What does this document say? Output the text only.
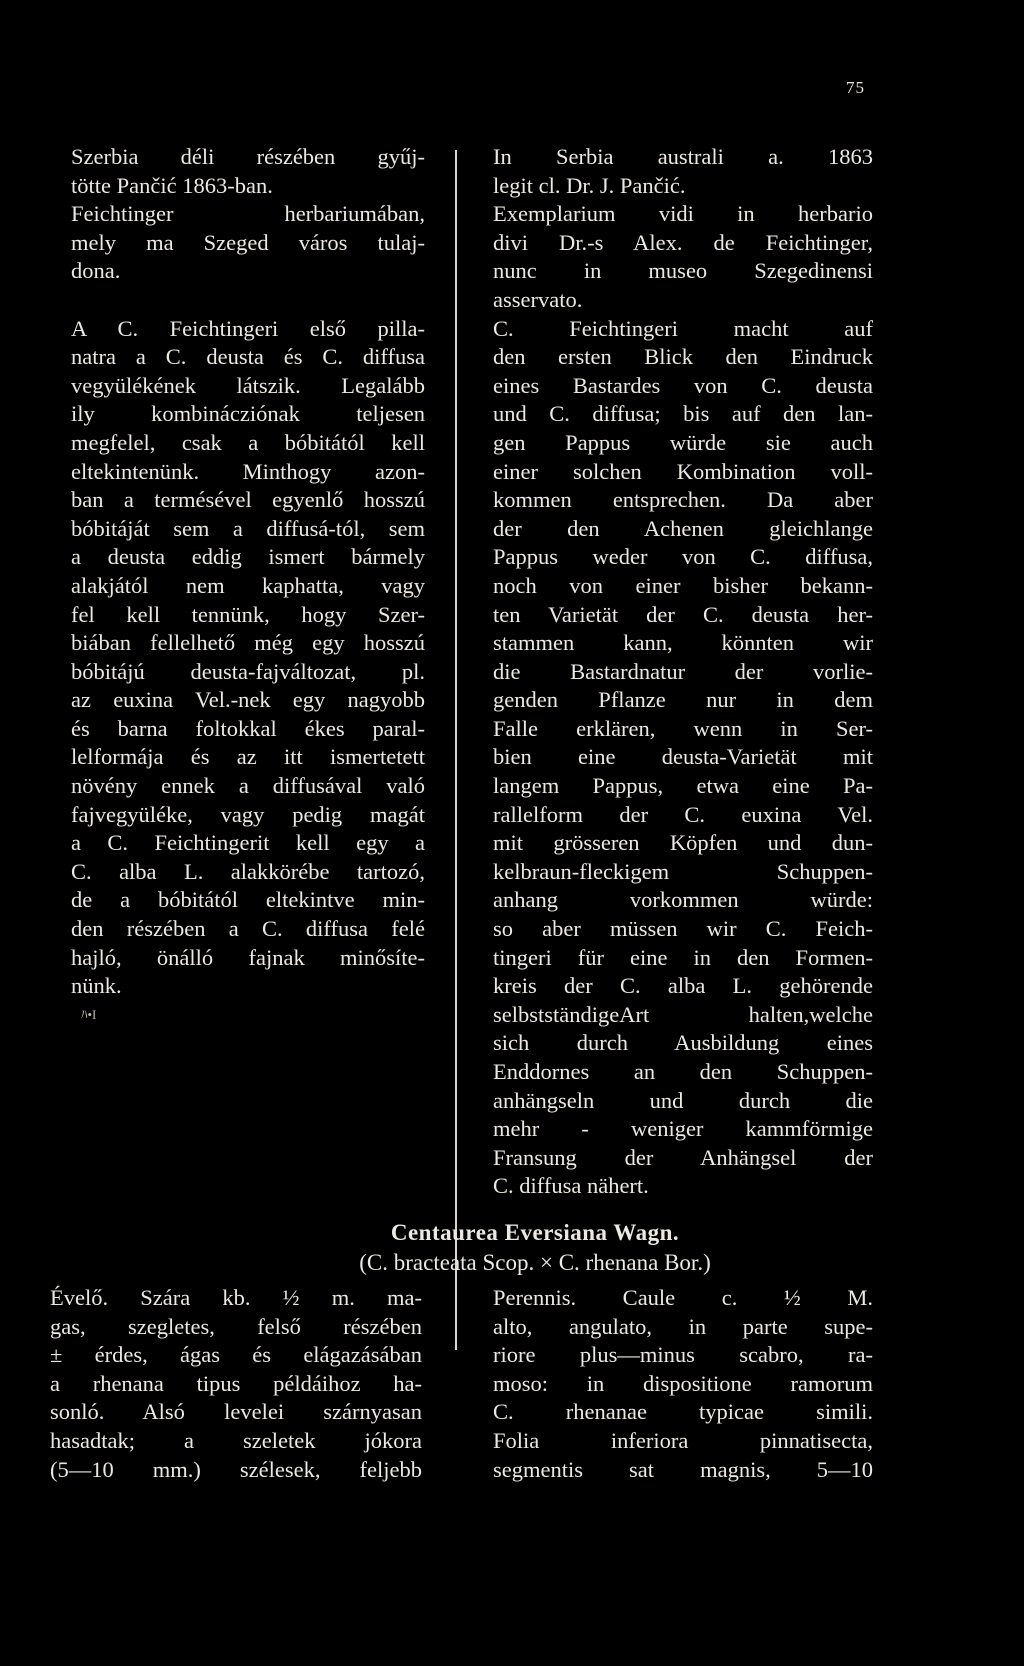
75
Szerbia déli részében gyűj-
tötte Pančić 1863-ban.
Feichtinger herbariumában,
mely ma Szeged város tulaj-
dona.
A C. Feichtingeri első pilla-
natra a C. deusta és C. diffusa
vegyülékének látszik. Legalább
ily kombinácziónak teljesen
megfelel, csak a bóbitától kell
eltekintenünk. Minthogy azon-
ban a termésével egyenlő hosszú
bóbitáját sem a diffusá-tól, sem
a deusta eddig ismert bármely
alakjától nem kaphatta, vagy
fel kell tennünk, hogy Szer-
biában fellelhető még egy hosszú
bóbitájú deusta-fajváltozat, pl.
az euxina Vel.-nek egy nagyobb
és barna foltokkal ékes paral-
lelformája és az itt ismertetett
növény ennek a diffusával való
fajvegyüléke, vagy pedig magát
a C. Feichtingerit kell egy a
C. alba L. alakkörébe tartozó,
de a bóbitától eltekintve min-
den részében a C. diffusa felé
hajló, önálló fajnak minősíte-
nünk.
ﾊ•I
In Serbia australi a. 1863
legit cl. Dr. J. Pančić.
Exemplarium vidi in herbario
divi Dr.-s Alex. de Feichtinger,
nunc in museo Szegedinensi
asservato.
C. Feichtingeri macht auf
den ersten Blick den Eindruck
eines Bastardes von C. deusta
und C. diffusa; bis auf den lan-
gen Pappus würde sie auch
einer solchen Kombination voll-
kommen entsprechen. Da aber
der den Achenen gleichlange
Pappus weder von C. diffusa,
noch von einer bisher bekann-
ten Varietät der C. deusta her-
stammen kann, könnten wir
die Bastardnatur der vorlie-
genden Pflanze nur in dem
Falle erklären, wenn in Ser-
bien eine deusta-Varietät mit
langem Pappus, etwa eine Pa-
rallelform der C. euxina Vel.
mit grösseren Köpfen und dun-
kelbraun-fleckigem Schuppen-
anhang vorkommen würde:
so aber müssen wir C. Feich-
tingeri für eine in den Formen-
kreis der C. alba L. gehörende
selbstständigeArt halten,welche
sich durch Ausbildung eines
Enddornes an den Schuppen-
anhängseln und durch die
mehr - weniger kammförmige
Fransung der Anhängsel der
C. diffusa nähert.
Centaurea Eversiana Wagn.
(C. bracteata Scop. × C. rhenana Bor.)
Évelő. Szára kb. ½ m. ma-
gas, szegletes, felső részében
± érdes, ágas és elágazásában
a rhenana tipus példáihoz ha-
sonló. Alsó levelei szárnyasan
hasadtak; a szeletek jókora
(5—10 mm.) szélesek, feljebb
Perennis. Caule c. ½ M.
alto, angulato, in parte supe-
riore plus—minus scabro, ra-
moso: in dispositione ramorum
C. rhenanae typicae simili.
Folia inferiora pinnatisecta,
segmentis sat magnis, 5—10
